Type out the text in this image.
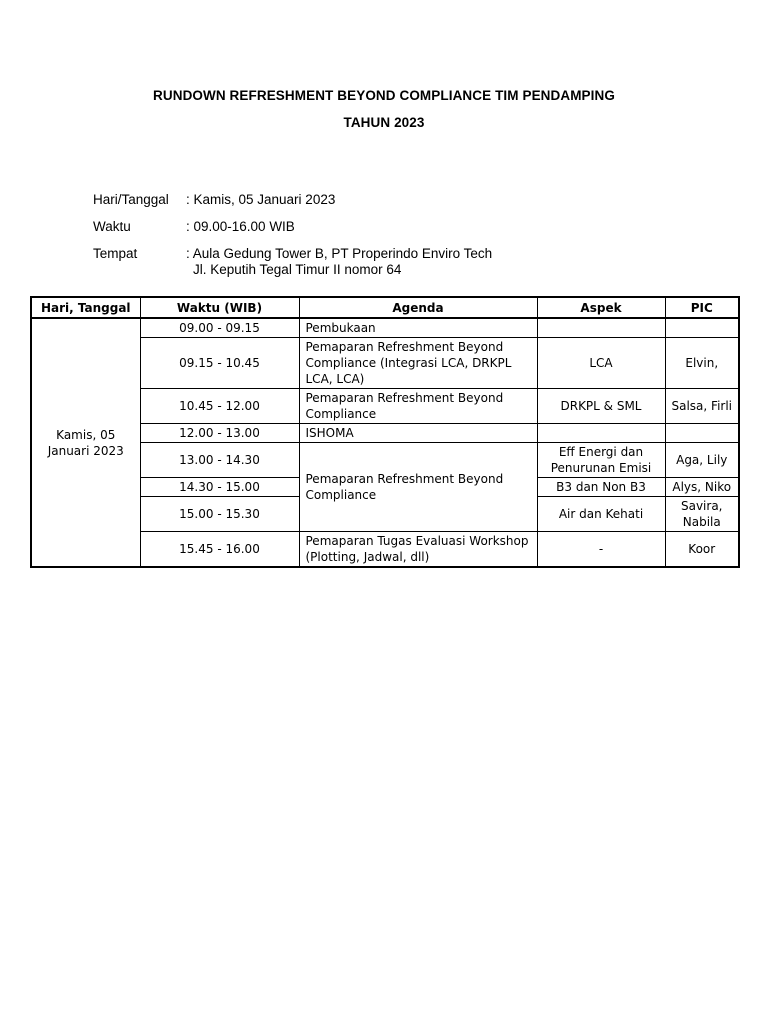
RUNDOWN REFRESHMENT BEYOND COMPLIANCE TIM PENDAMPING
TAHUN 2023
Hari/Tanggal : Kamis, 05 Januari 2023
Waktu	: 09.00-16.00 WIB
Tempat	: Aula Gedung Tower B, PT Properindo Enviro Tech
Jl. Keputih Tegal Timur II nomor 64
Hari, Tanggal	Waktu (WIB)	Agenda	Aspek	PIC
Kamis, 05 Januari 2023	09.00 - 09.15	Pembukaan		
	09.15 - 10.45	Pemaparan Refreshment Beyond Compliance (Integrasi LCA, DRKPL LCA, LCA)	LCA	Elvin,
	10.45 - 12.00	Pemaparan Refreshment Beyond Compliance	DRKPL & SML	Salsa, Firli
	12.00 - 13.00	ISHOMA		
	13.00 - 14.30	Pemaparan Refreshment Beyond Compliance	Eff Energi dan Penurunan Emisi	Aga, Lily
	14.30 - 15.00		B3 dan Non B3	Alys, Niko
	15.00 - 15.30		Air dan Kehati	Savira, Nabila
	15.45 - 16.00	Pemaparan Tugas Evaluasi Workshop (Plotting, Jadwal, dll)	-	Koor
